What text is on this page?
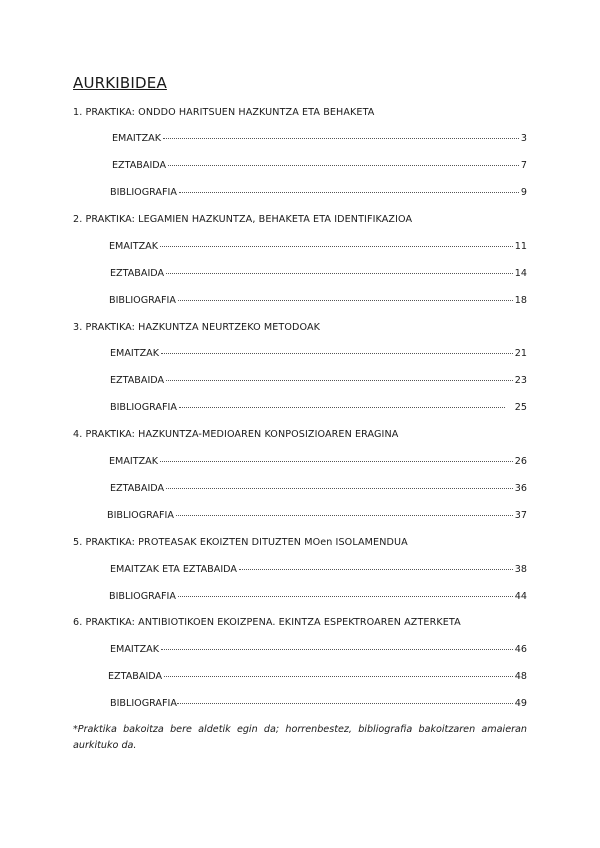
AURKIBIDEA
1. PRAKTIKA: ONDDO HARITSUEN HAZKUNTZA ETA BEHAKETA
EMAITZAK	3
EZTABAIDA	7
BIBLIOGRAFIA	9
2. PRAKTIKA: LEGAMIEN HAZKUNTZA, BEHAKETA ETA IDENTIFIKAZIOA
EMAITZAK	11
EZTABAIDA	14
BIBLIOGRAFIA	18
3. PRAKTIKA: HAZKUNTZA NEURTZEKO METODOAK
EMAITZAK	21
EZTABAIDA	23
BIBLIOGRAFIA	25
4. PRAKTIKA: HAZKUNTZA-MEDIOAREN KONPOSIZIOAREN ERAGINA
EMAITZAK	26
EZTABAIDA	36
BIBLIOGRAFIA	37
5. PRAKTIKA: PROTEASAK EKOIZTEN DITUZTEN MOen ISOLAMENDUA
EMAITZAK ETA EZTABAIDA	38
BIBLIOGRAFIA	44
6. PRAKTIKA: ANTIBIOTIKOEN EKOIZPENA. EKINTZA ESPEKTROAREN AZTERKETA
EMAITZAK	46
EZTABAIDA	48
BIBLIOGRAFIA	49
*Praktika bakoitza bere aldetik egin da; horrenbestez, bibliografia bakoitzaren amaieran aurkituko da.
